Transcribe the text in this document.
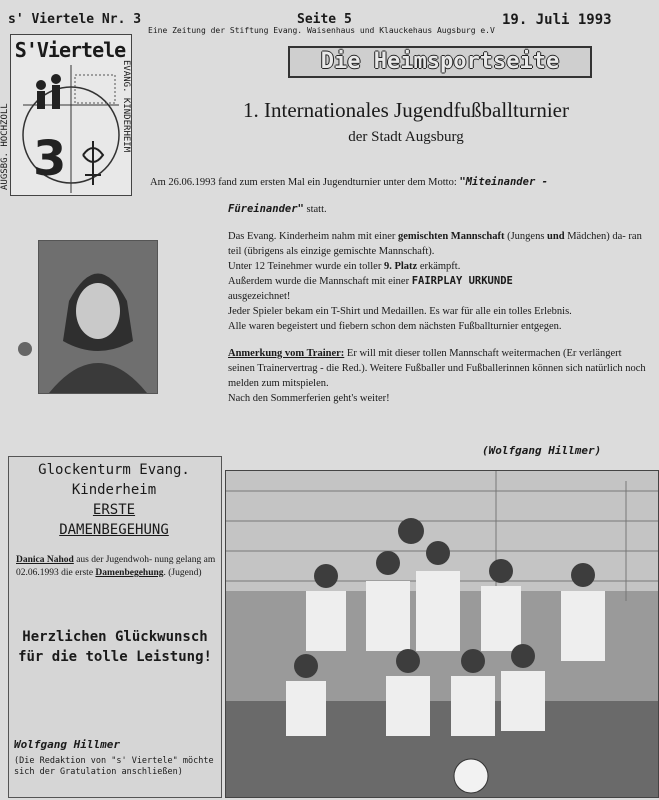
s' Viertele Nr. 3	Seite 5
Eine Zeitung der Stiftung Evang. Waisenhaus und Klauckehaus Augsburg e.V
19. Juli 1993
3
S'Viertele
AUGSBG. HOCHZOLL	EVANG. KINDERHEIM	Die Heimsportseite
1. Internationales Jugendfußballturnier
der Stadt Augsburg

Am 26.06.1993 fand zum ersten Mal ein Jugendturnier unter dem Motto: "Miteinander -

Füreinander" statt.

Das Evang. Kinderheim nahm mit einer gemischten Mannschaft (Jungens und Mädchen) da- ran teil (übrigens als einzige gemischte Mannschaft).

Unter 12 Teinehmer wurde ein toller 9. Platz erkämpft.

Außerdem wurde die Mannschaft mit einer FAIRPLAY URKUNDE
ausgezeichnet!

Jeder Spieler bekam ein T-Shirt und Medaillen. Es war für alle ein tolles Erlebnis.

Alle waren begeistert und fiebern schon dem nächsten Fußballturnier entgegen.

Anmerkung vom Trainer: Er will mit dieser tollen Mannschaft weitermachen (Er verlängert seinen Trainervertrag - die Red.). Weitere Fußballer und Fußballerinnen können sich natürlich noch melden zum mitspielen.

Nach den Sommerferien geht's weiter!

(Wolfgang Hillmer)
Glockenturm Evang.
Kinderheim
ERSTE
DAMENBEGEHUNG
Danica Nahod aus der Jugendwoh- nung gelang am 02.06.1993 die erste Damenbegehung. (Jugend)
Herzlichen Glückwunsch für die tolle Leistung!
Wolfgang Hillmer
(Die Redaktion von "s' Viertele" möchte sich der Gratulation anschließen)
